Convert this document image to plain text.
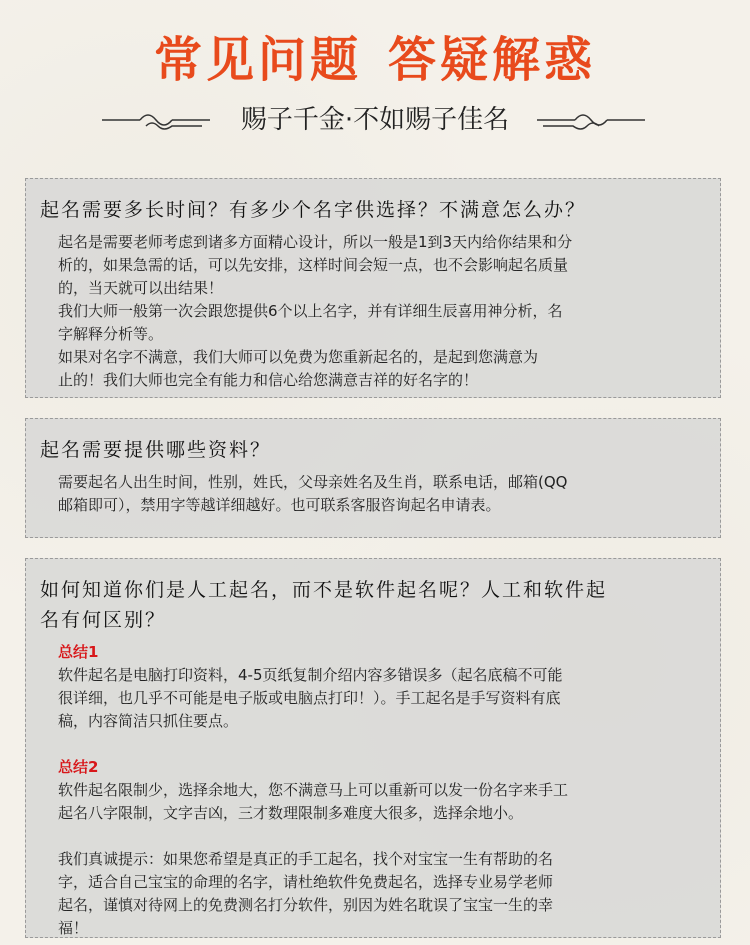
常见问题 答疑解惑
赐子千金·不如赐子佳名
起名需要多长时间？有多少个名字供选择？不满意怎么办？

起名是需要老师考虑到诸多方面精心设计，所以一般是1到3天内给你结果和分

析的，如果急需的话，可以先安排，这样时间会短一点，也不会影响起名质量

的，当天就可以出结果！

我们大师一般第一次会跟您提供6个以上名字，并有详细生辰喜用神分析，名

字解释分析等。

如果对名字不满意，我们大师可以免费为您重新起名的，是起到您满意为

止的！我们大师也完全有能力和信心给您满意吉祥的好名字的！

起名需要提供哪些资料？

需要起名人出生时间，性别，姓氏，父母亲姓名及生肖，联系电话，邮箱(QQ

邮箱即可），禁用字等越详细越好。也可联系客服咨询起名申请表。

如何知道你们是人工起名，而不是软件起名呢？人工和软件起
名有何区别？

总结1

软件起名是电脑打印资料，4-5页纸复制介绍内容多错误多（起名底稿不可能

很详细，也几乎不可能是电子版或电脑点打印！）。手工起名是手写资料有底

稿，内容简洁只抓住要点。

总结2

软件起名限制少，选择余地大，您不满意马上可以重新可以发一份名字来手工

起名八字限制，文字吉凶，三才数理限制多难度大很多，选择余地小。

我们真诚提示：如果您希望是真正的手工起名，找个对宝宝一生有帮助的名

字，适合自己宝宝的命理的名字，请杜绝软件免费起名，选择专业易学老师

起名，谨慎对待网上的免费测名打分软件，别因为姓名耽误了宝宝一生的幸

福！
